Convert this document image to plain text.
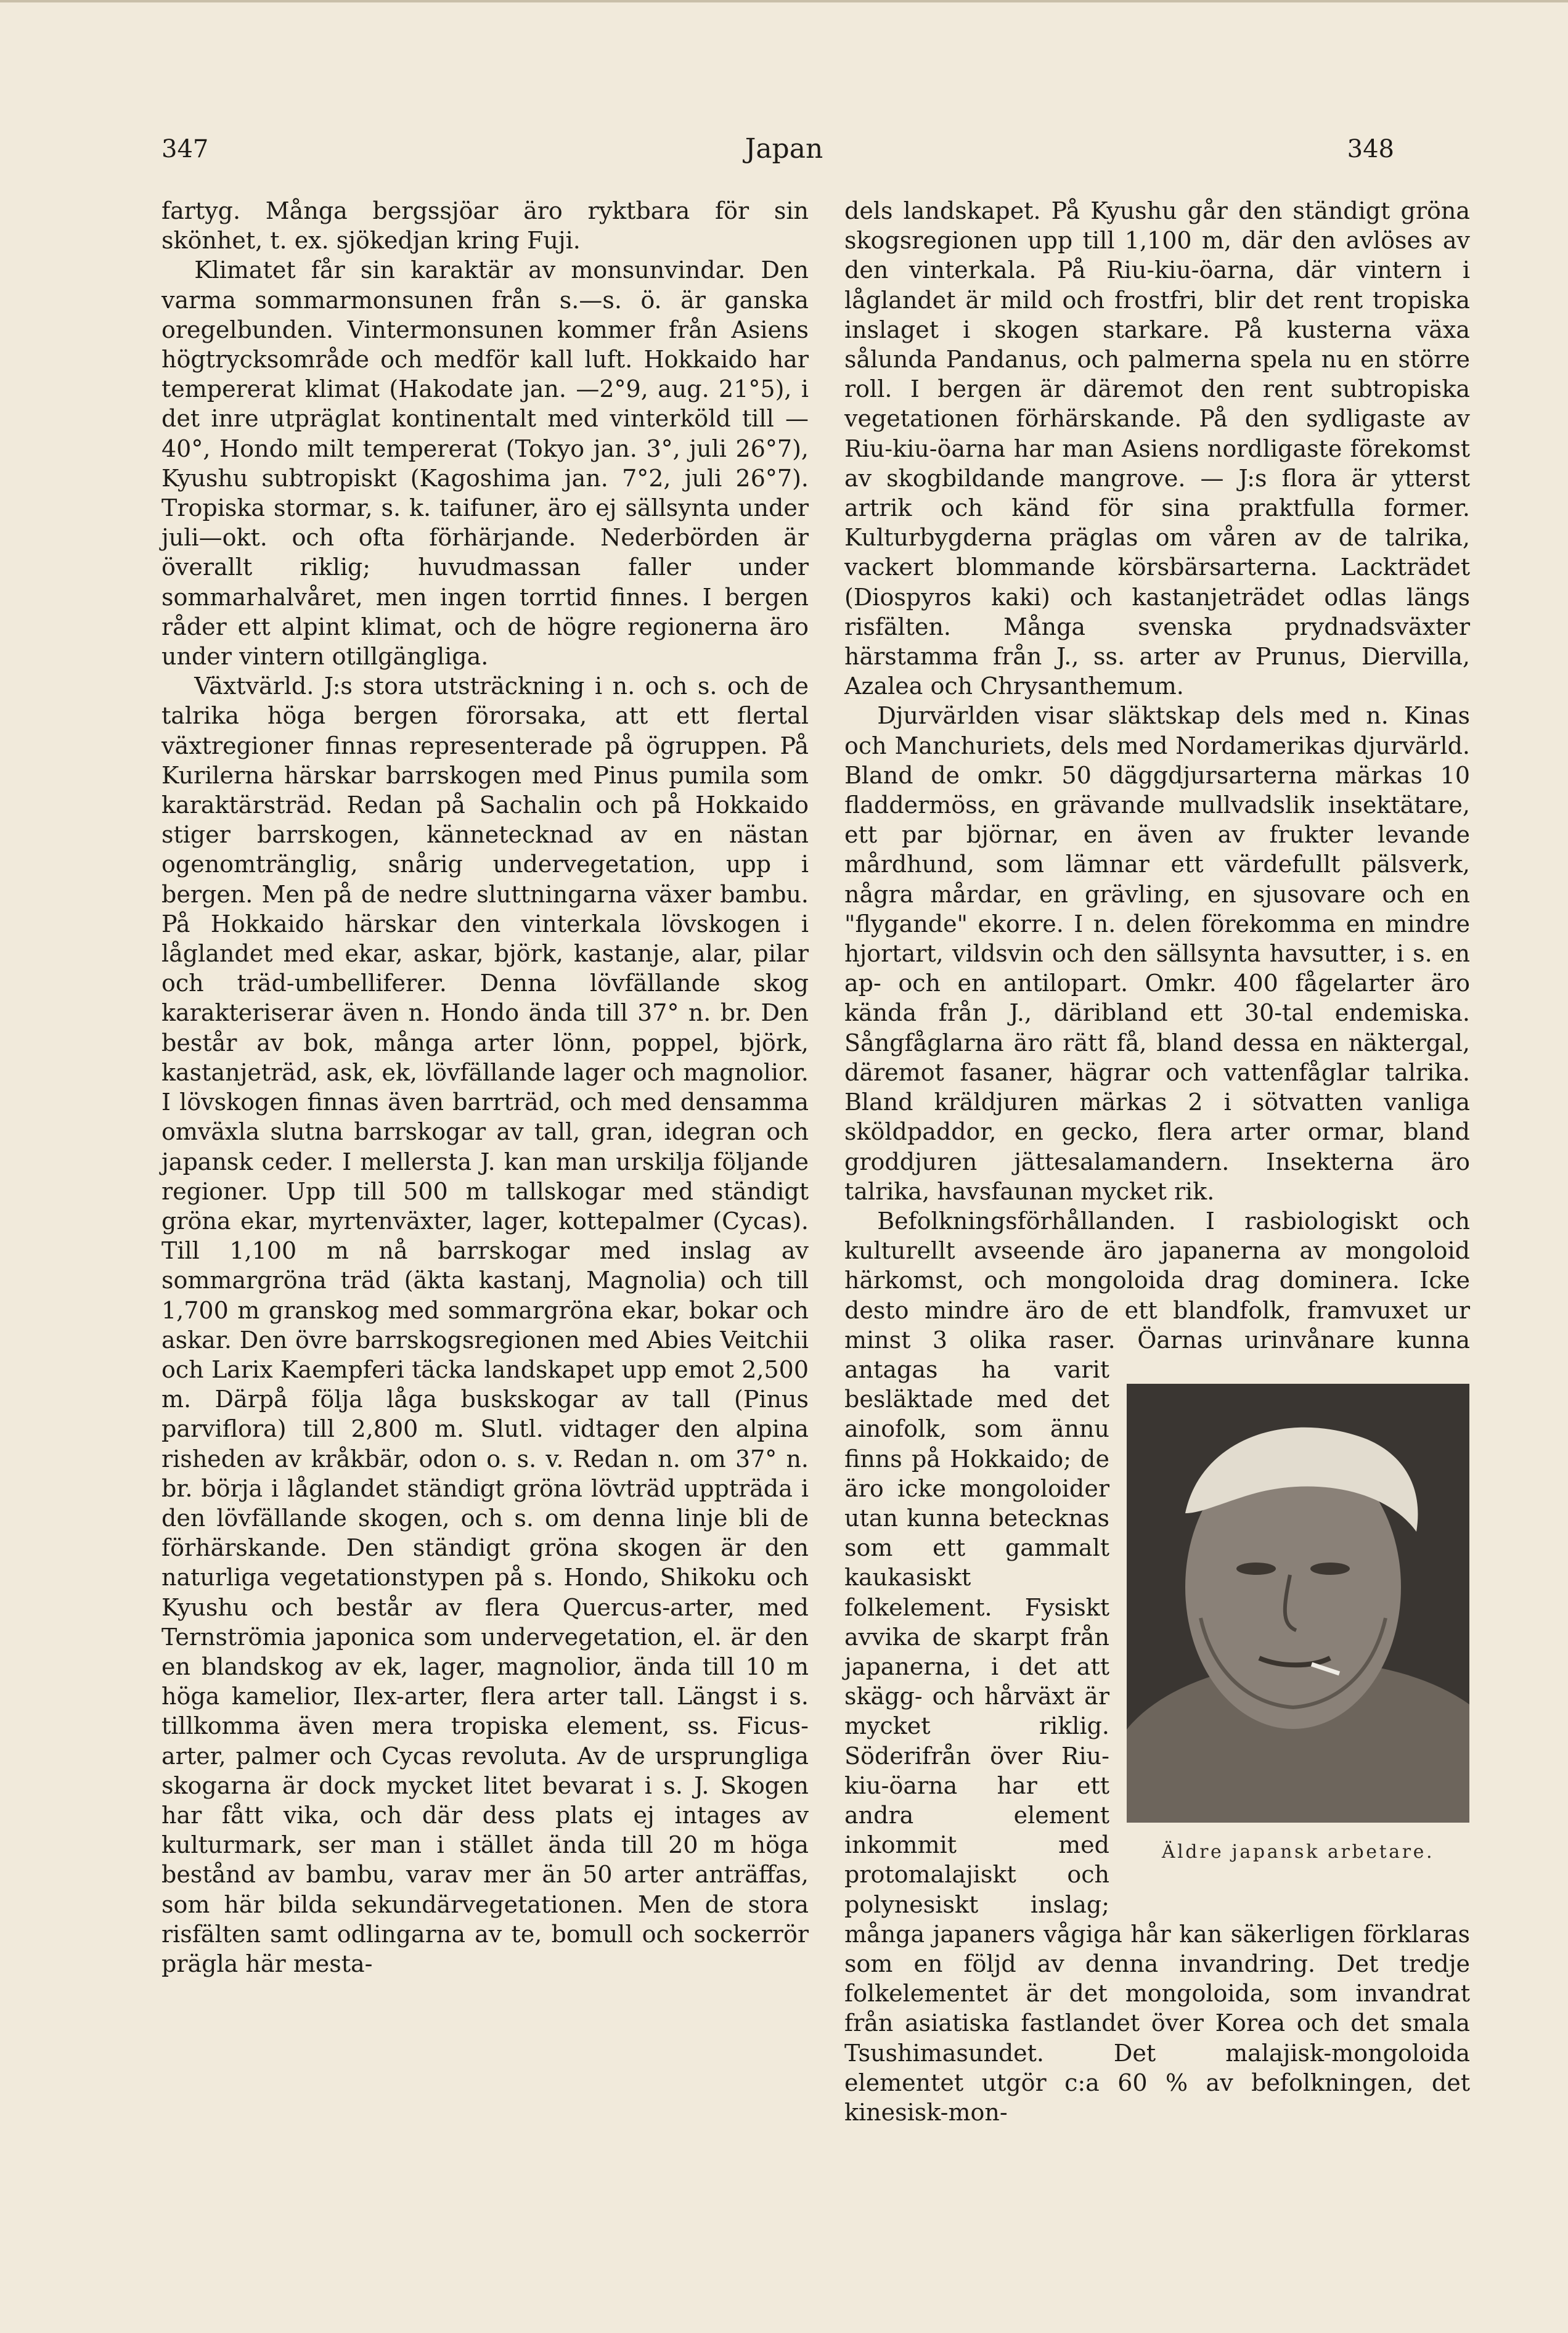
347	Japan	348

fartyg. Många bergssjöar äro ryktbara för sin skönhet, t. ex. sjökedjan kring Fuji.

Klimatet får sin karaktär av monsunvindar. Den varma sommarmonsunen från s.—s. ö. är ganska oregelbunden. Vintermonsunen kommer från Asiens högtrycksområde och medför kall luft. Hokkaido har tempererat klimat (Hakodate jan. —2°9, aug. 21°5), i det inre utpräglat kontinentalt med vinterköld till —40°, Hondo milt tempererat (Tokyo jan. 3°, juli 26°7), Kyushu subtropiskt (Kagoshima jan. 7°2, juli 26°7). Tropiska stormar, s. k. taifuner, äro ej sällsynta under juli—okt. och ofta förhärjande. Nederbörden är överallt riklig; huvudmassan faller under sommarhalvåret, men ingen torrtid finnes. I bergen råder ett alpint klimat, och de högre regionerna äro under vintern otillgängliga.

Växtvärld. J:s stora utsträckning i n. och s. och de talrika höga bergen förorsaka, att ett flertal växtregioner finnas representerade på ögruppen. På Kurilerna härskar barrskogen med Pinus pumila som karaktärsträd. Redan på Sachalin och på Hokkaido stiger barrskogen, kännetecknad av en nästan ogenomtränglig, snårig undervegetation, upp i bergen. Men på de nedre sluttningarna växer bambu. På Hokkaido härskar den vinterkala lövskogen i låglandet med ekar, askar, björk, kastanje, alar, pilar och träd-umbelliferer. Denna lövfällande skog karakteriserar även n. Hondo ända till 37° n. br. Den består av bok, många arter lönn, poppel, björk, kastanjeträd, ask, ek, lövfällande lager och magnolior. I lövskogen finnas även barrträd, och med densamma omväxla slutna barrskogar av tall, gran, idegran och japansk ceder. I mellersta J. kan man urskilja följande regioner. Upp till 500 m tallskogar med ständigt gröna ekar, myrtenväxter, lager, kottepalmer (Cycas). Till 1,100 m nå barrskogar med inslag av sommargröna träd (äkta kastanj, Magnolia) och till 1,700 m granskog med sommargröna ekar, bokar och askar. Den övre barrskogsregionen med Abies Veitchii och Larix Kaempferi täcka landskapet upp emot 2,500 m. Därpå följa låga buskskogar av tall (Pinus parviflora) till 2,800 m. Slutl. vidtager den alpina risheden av kråkbär, odon o. s. v. Redan n. om 37° n. br. börja i låglandet ständigt gröna lövträd uppträda i den lövfällande skogen, och s. om denna linje bli de förhärskande. Den ständigt gröna skogen är den naturliga vegetationstypen på s. Hondo, Shikoku och Kyushu och består av flera Quercus-arter, med Ternströmia japonica som undervegetation, el. är den en blandskog av ek, lager, magnolior, ända till 10 m höga kamelior, Ilex-arter, flera arter tall. Längst i s. tillkomma även mera tropiska element, ss. Ficus-arter, palmer och Cycas revoluta. Av de ursprungliga skogarna är dock mycket litet bevarat i s. J. Skogen har fått vika, och där dess plats ej intages av kulturmark, ser man i stället ända till 20 m höga bestånd av bambu, varav mer än 50 arter anträffas, som här bilda sekundärvegetationen. Men de stora risfälten samt odlingarna av te, bomull och sockerrör prägla här mesta-

dels landskapet. På Kyushu går den ständigt gröna skogsregionen upp till 1,100 m, där den avlöses av den vinterkala. På Riu-kiu-öarna, där vintern i låglandet är mild och frostfri, blir det rent tropiska inslaget i skogen starkare. På kusterna växa sålunda Pandanus, och palmerna spela nu en större roll. I bergen är däremot den rent subtropiska vegetationen förhärskande. På den sydligaste av Riu-kiu-öarna har man Asiens nordligaste förekomst av skogbildande mangrove. — J:s flora är ytterst artrik och känd för sina praktfulla former. Kulturbygderna präglas om våren av de talrika, vackert blommande körsbärsarterna. Lackträdet (Diospyros kaki) och kastanjeträdet odlas längs risfälten. Många svenska prydnadsväxter härstamma från J., ss. arter av Prunus, Diervilla, Azalea och Chrysanthemum.

Djurvärlden visar släktskap dels med n. Kinas och Manchuriets, dels med Nordamerikas djurvärld. Bland de omkr. 50 däggdjursarterna märkas 10 fladdermöss, en grävande mullvadslik insektätare, ett par björnar, en även av frukter levande mårdhund, som lämnar ett värdefullt pälsverk, några mårdar, en grävling, en sjusovare och en "flygande" ekorre. I n. delen förekomma en mindre hjortart, vildsvin och den sällsynta havsutter, i s. en ap- och en antilopart. Omkr. 400 fågelarter äro kända från J., däribland ett 30-tal endemiska. Sångfåglarna äro rätt få, bland dessa en näktergal, däremot fasaner, hägrar och vattenfåglar talrika. Bland kräldjuren märkas 2 i sötvatten vanliga sköldpaddor, en gecko, flera arter ormar, bland groddjuren jättesalamandern. Insekterna äro talrika, havsfaunan mycket rik.

Befolkningsförhållanden. I rasbiologiskt och kulturellt avseende äro japanerna av mongoloid härkomst, och mongoloida drag dominera. Icke desto mindre äro de ett blandfolk, framvuxet ur minst 3 olika raser. Öarnas urinvånare kunna antagas ha varit besläktade med det ainofolk, som ännu finns på Hokkaido; de äro icke mongoloider utan kunna betecknas som ett gammalt kaukasiskt folkelement. Fysiskt avvika de skarpt från japanerna, i det att skägg- och hårväxt är mycket riklig. Söderifrån över Riu-kiu-öarna har ett andra element inkommit med protomalajiskt och polynesiskt inslag; många japaners vågiga hår kan säkerligen förklaras som en följd av denna invandring. Det tredje folkelementet är det mongoloida, som invandrat från asiatiska fastlandet över Korea och det smala Tsushimasundet. Det malajisk-mongoloida elementet utgör c:a 60 % av befolkningen, det kinesisk-mon-

Äldre japansk arbetare.
